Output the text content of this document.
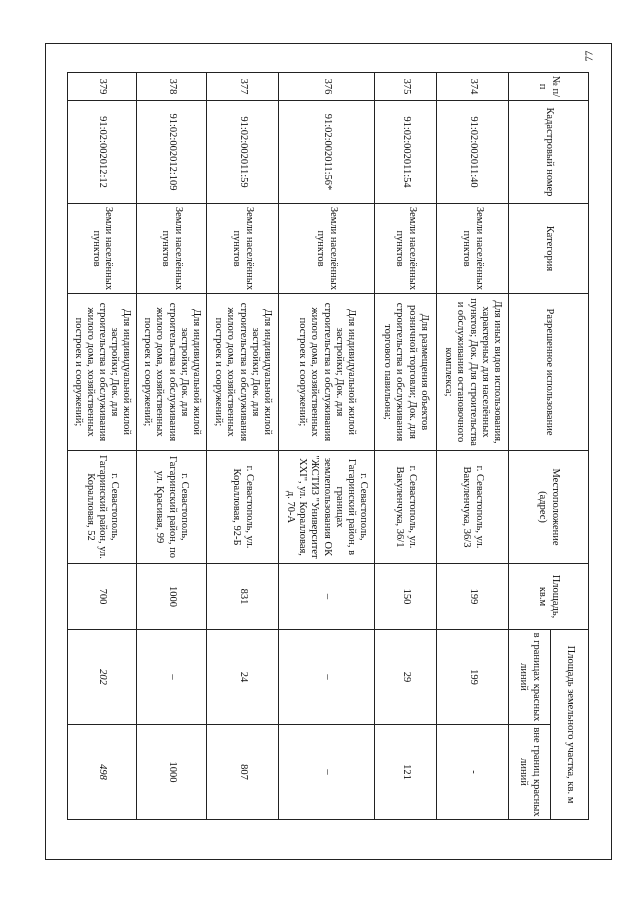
77
№ п/п	Кадастровый номер	Категория	Разрешенное использование	Местоположение (адрес)	Площадь, кв.м	Площадь земельного участка, кв. м	
						в границах красных линий	вне границ красных линий
374	91:02:002011:40	Земли населённых пунктов	Для иных видов использования, характерных для населённых пунктов; Док. Для строительства и обслуживания остановочного комплекса;	г. Севастополь, ул. Вакуленчука, 36/3	199	199	-
375	91:02:002011:54	Земли населённых пунктов	Для размещения объектов розничной торговли; Док. для строительства и обслуживания торгового павильона;	г. Севастополь, ул. Вакуленчука, 36/1	150	29	121
376	91:02:002011:56*	Земли населённых пунктов	Для индивидуальной жилой застройки; Док. для строительства и обслуживания жилого дома, хозяйственных построек и сооружений;	г. Севастополь, Гагаринский район, в границах землепользования ОК "ЖСТИЗ "Университет XXI", ул. Коралловая, д. 70-А	–	–	–
377	91:02:002011:59	Земли населённых пунктов	Для индивидуальной жилой застройки; Док. для строительства и обслуживания жилого дома, хозяйственных построек и сооружений;	г. Севастополь, ул. Коралловая, 92-Б	831	24	807
378	91:02:002012:109	Земли населённых пунктов	Для индивидуальной жилой застройки; Док. для строительства и обслуживания жилого дома, хозяйственных построек и сооружений;	г. Севастополь, Гагаринский район, по ул. Красивая, 99	1000	–	1000
379	91:02:002012:12	Земли населённых пунктов	Для индивидуальной жилой застройки; Док. для строительства и обслуживания жилого дома, хозяйственных построек и сооружений;	г. Севастополь, Гагаринский район, ул. Коралловая, 52	700	202	498
